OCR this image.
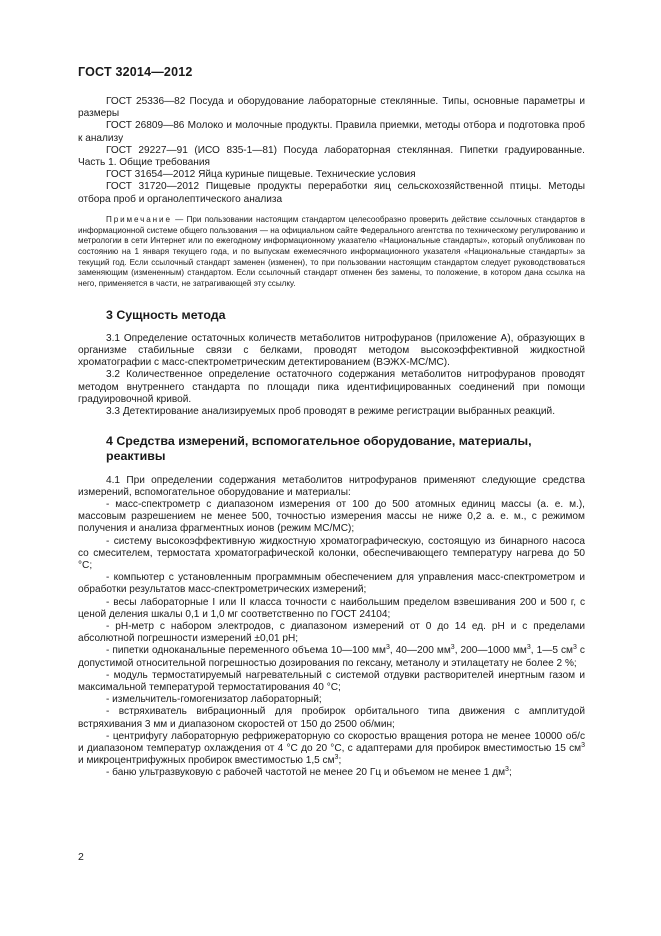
ГОСТ 32014—2012

ГОСТ 25336—82 Посуда и оборудование лабораторные стеклянные. Типы, основные параметры и размеры

ГОСТ 26809—86 Молоко и молочные продукты. Правила приемки, методы отбора и подготовка проб к анализу

ГОСТ 29227—91 (ИСО 835-1—81) Посуда лабораторная стеклянная. Пипетки градуированные. Часть 1. Общие требования

ГОСТ 31654—2012 Яйца куриные пищевые. Технические условия

ГОСТ 31720—2012 Пищевые продукты переработки яиц сельскохозяйственной птицы. Методы отбора проб и органолептического анализа

Примечание — При пользовании настоящим стандартом целесообразно проверить действие ссылочных стандартов в информационной системе общего пользования — на официальном сайте Федерального агентства по техническому регулированию и метрологии в сети Интернет или по ежегодному информационному указателю «Национальные стандарты», который опубликован по состоянию на 1 января текущего года, и по выпускам ежемесячного информационного указателя «Национальные стандарты» за текущий год. Если ссылочный стандарт заменен (изменен), то при пользовании настоящим стандартом следует руководствоваться заменяющим (измененным) стандартом. Если ссылочный стандарт отменен без замены, то положение, в котором дана ссылка на него, применяется в части, не затрагивающей эту ссылку.

3 Сущность метода

3.1 Определение остаточных количеств метаболитов нитрофуранов (приложение А), образующих в организме стабильные связи с белками, проводят методом высокоэффективной жидкостной хроматографии с масс-спектрометрическим детектированием (ВЭЖХ-МС/МС).

3.2 Количественное определение остаточного содержания метаболитов нитрофуранов проводят методом внутреннего стандарта по площади пика идентифицированных соединений при помощи градуировочной кривой.

3.3 Детектирование анализируемых проб проводят в режиме регистрации выбранных реакций.

4 Средства измерений, вспомогательное оборудование, материалы, реактивы

4.1 При определении содержания метаболитов нитрофуранов применяют следующие средства измерений, вспомогательное оборудование и материалы:

- масс-спектрометр с диапазоном измерения от 100 до 500 атомных единиц массы (а. е. м.), массовым разрешением не менее 500, точностью измерения массы не ниже 0,2 а. е. м., с режимом получения и анализа фрагментных ионов (режим МС/МС);

- систему высокоэффективную жидкостную хроматографическую, состоящую из бинарного насоса со смесителем, термостата хроматографической колонки, обеспечивающего температуру нагрева до 50 °С;

- компьютер с установленным программным обеспечением для управления масс-спектрометром и обработки результатов масс-спектрометрических измерений;

- весы лабораторные I или II класса точности с наибольшим пределом взвешивания 200 и 500 г, с ценой деления шкалы 0,1 и 1,0 мг соответственно по ГОСТ 24104;

- рН-метр с набором электродов, с диапазоном измерений от 0 до 14 ед. рН и с пределами абсолютной погрешности измерений ±0,01 рН;

- пипетки одноканальные переменного объема 10—100 $мм^3$, 40—200 $мм^3$, 200—1000 $мм^3$, 1—5 $см^3$ с допустимой относительной погрешностью дозирования по гексану, метанолу и этилацетату не более 2 %;

- модуль термостатируемый нагревательный с системой отдувки растворителей инертным газом и максимальной температурой термостатирования 40 °С;

- измельчитель-гомогенизатор лабораторный;

- встряхиватель вибрационный для пробирок орбитального типа движения с амплитудой встряхивания 3 мм и диапазоном скоростей от 150 до 2500 об/мин;

- центрифугу лабораторную рефрижераторную со скоростью вращения ротора не менее 10000 об/с и диапазоном температур охлаждения от 4 °С до 20 °С, с адаптерами для пробирок вместимостью 15 $см^3$ и микроцентрифужных пробирок вместимостью 1,5 $см^3$;

- баню ультразвуковую с рабочей частотой не менее 20 Гц и объемом не менее 1 $дм^3$;

2
